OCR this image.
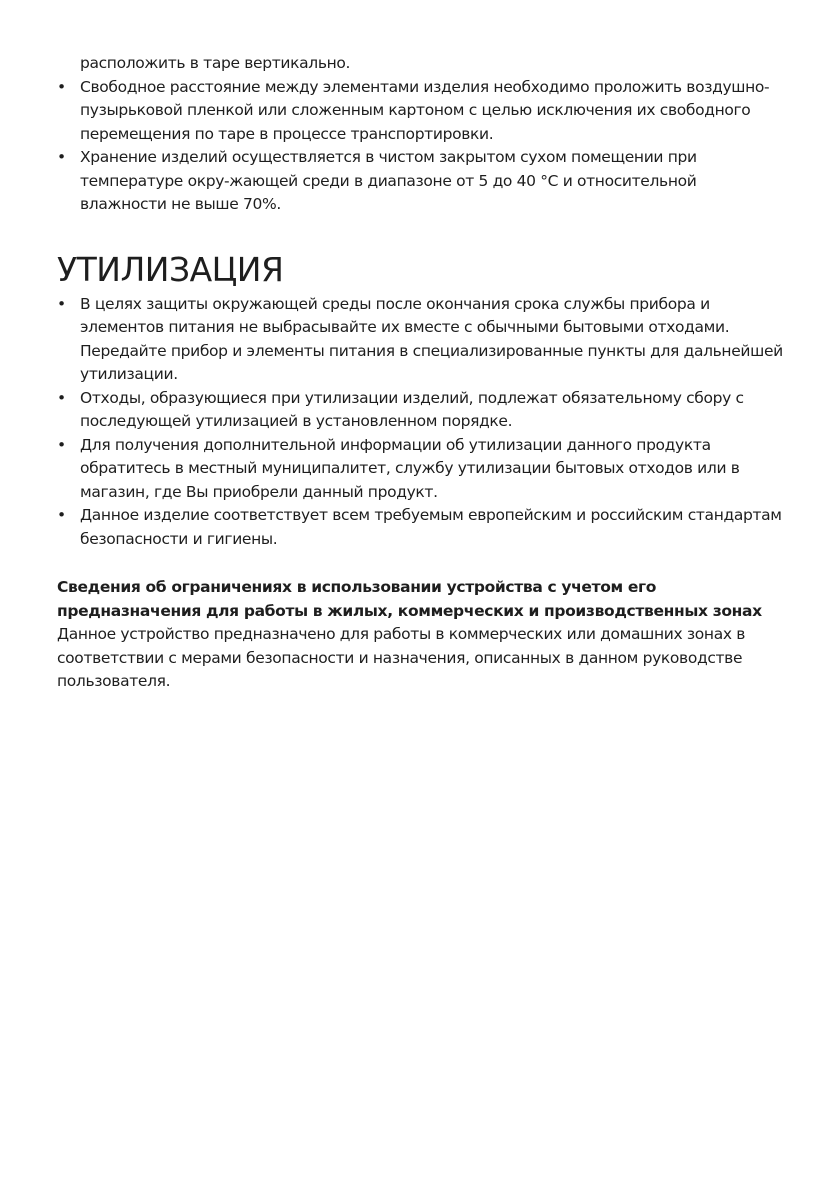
расположить в таре вертикально.
• Свободное расстояние между элементами изделия необходимо проложить воздушно-пузырьковой пленкой или сложенным картоном с целью исключения их свободного перемещения по таре в процессе транспортировки.
• Хранение изделий осуществляется в чистом закрытом сухом помещении при температуре окру-жающей среди в диапазоне от 5 до 40 °С и относительной влажности не выше 70%.
УТИЛИЗАЦИЯ
• В целях защиты окружающей среды после окончания срока службы прибора и элементов питания не выбрасывайте их вместе с обычными бытовыми отходами. Передайте прибор и элементы питания в специализированные пункты для дальнейшей утилизации.
• Отходы, образующиеся при утилизации изделий, подлежат обязательному сбору с последующей утилизацией в установленном порядке.
• Для получения дополнительной информации об утилизации данного продукта обратитесь в местный муниципалитет, службу утилизации бытовых отходов или в магазин, где Вы приобрели данный продукт.
• Данное изделие соответствует всем требуемым европейским и российским стандартам безопасности и гигиены.
Сведения об ограничениях в использовании устройства с учетом его предназначения для работы в жилых, коммерческих и производственных зонах

Данное устройство предназначено для работы в коммерческих или домашних зонах в соответствии с мерами безопасности и назначения, описанных в данном руководстве пользователя.
